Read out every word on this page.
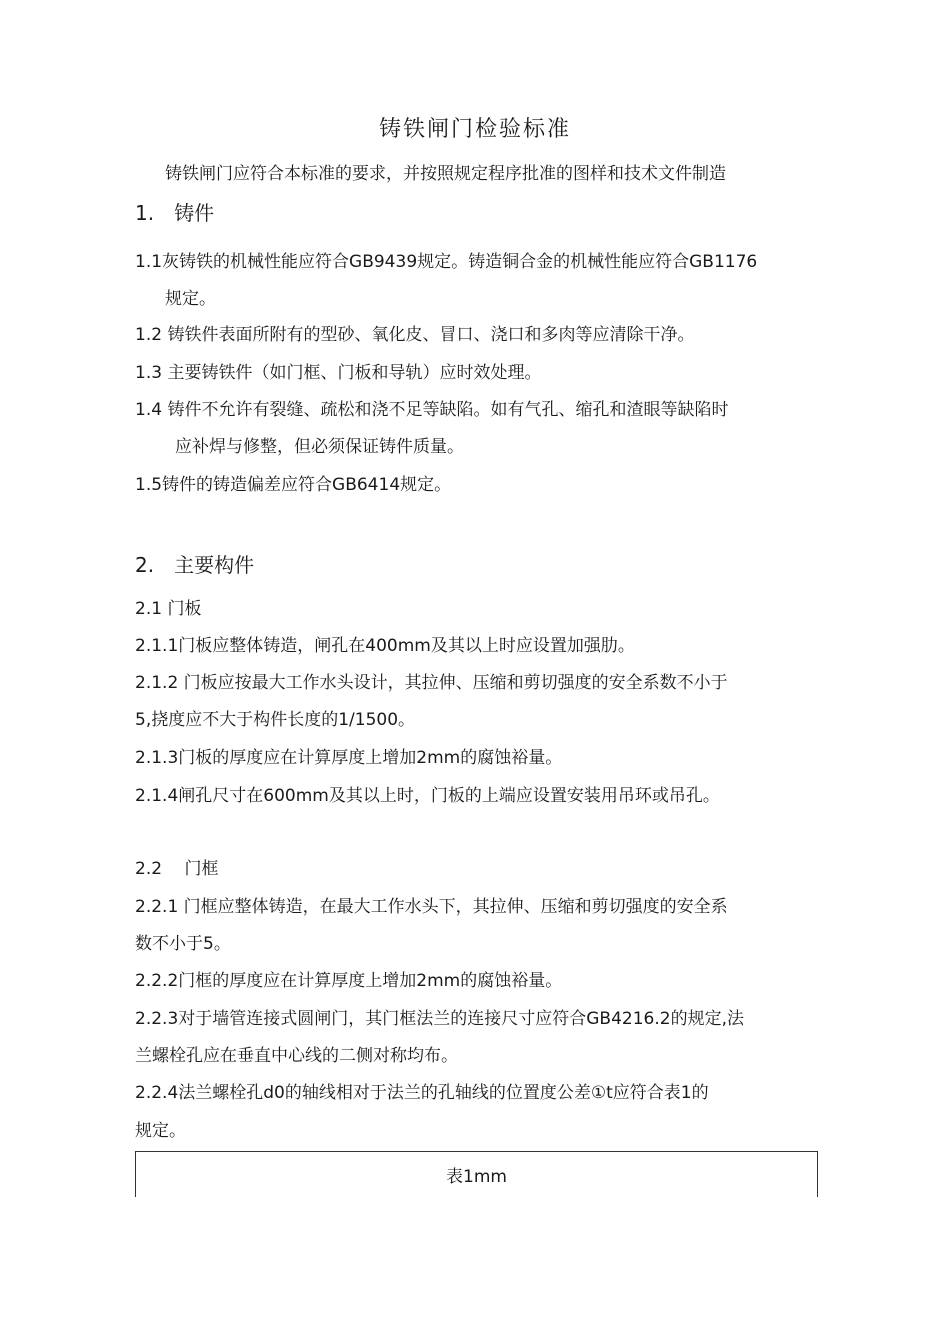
铸铁闸门检验标准
铸铁闸门应符合本标准的要求，并按照规定程序批准的图样和技术文件制造
1.　铸件
1.1灰铸铁的机械性能应符合GB9439规定。铸造铜合金的机械性能应符合GB1176
规定。
1.2 铸铁件表面所附有的型砂、氧化皮、冒口、浇口和多肉等应清除干净。
1.3 主要铸铁件（如门框、门板和导轨）应时效处理。
1.4 铸件不允许有裂缝、疏松和浇不足等缺陷。如有气孔、缩孔和渣眼等缺陷时
应补焊与修整，但必须保证铸件质量。
1.5铸件的铸造偏差应符合GB6414规定。
2.　主要构件
2.1 门板
2.1.1门板应整体铸造，闸孔在400mm及其以上时应设置加强肋。
2.1.2 门板应按最大工作水头设计，其拉伸、压缩和剪切强度的安全系数不小于
5,挠度应不大于构件长度的1/1500。
2.1.3门板的厚度应在计算厚度上增加2mm的腐蚀裕量。
2.1.4闸孔尺寸在600mm及其以上时，门板的上端应设置安装用吊环或吊孔。
2.2　 门框
2.2.1 门框应整体铸造，在最大工作水头下，其拉伸、压缩和剪切强度的安全系
数不小于5。
2.2.2门框的厚度应在计算厚度上增加2mm的腐蚀裕量。
2.2.3对于墙管连接式圆闸门，其门框法兰的连接尺寸应符合GB4216.2的规定,法
兰螺栓孔应在垂直中心线的二侧对称均布。
2.2.4法兰螺栓孔d0的轴线相对于法兰的孔轴线的位置度公差①t应符合表1的
规定。
表1mm
